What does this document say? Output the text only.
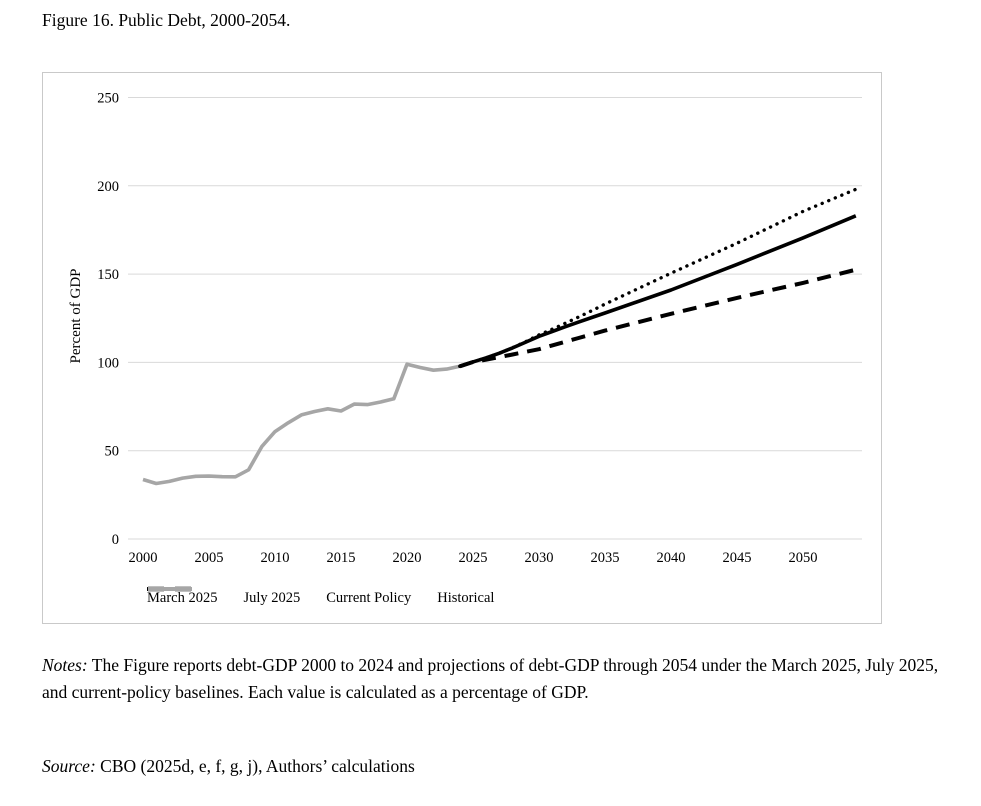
Figure 16. Public Debt, 2000-2054.
0
50
100
150
200
250
2000	2005	2010	2015	2020	2025	2030	2035	2040	2045	2050
Percent of GDP
March 2025 July 2025 Current Policy Historical
Notes: The Figure reports debt-GDP 2000 to 2024 and projections of debt-GDP through 2054 under the March 2025, July 2025, and current-policy baselines. Each value is calculated as a percentage of GDP.
Source: CBO (2025d, e, f, g, j), Authors’ calculations
